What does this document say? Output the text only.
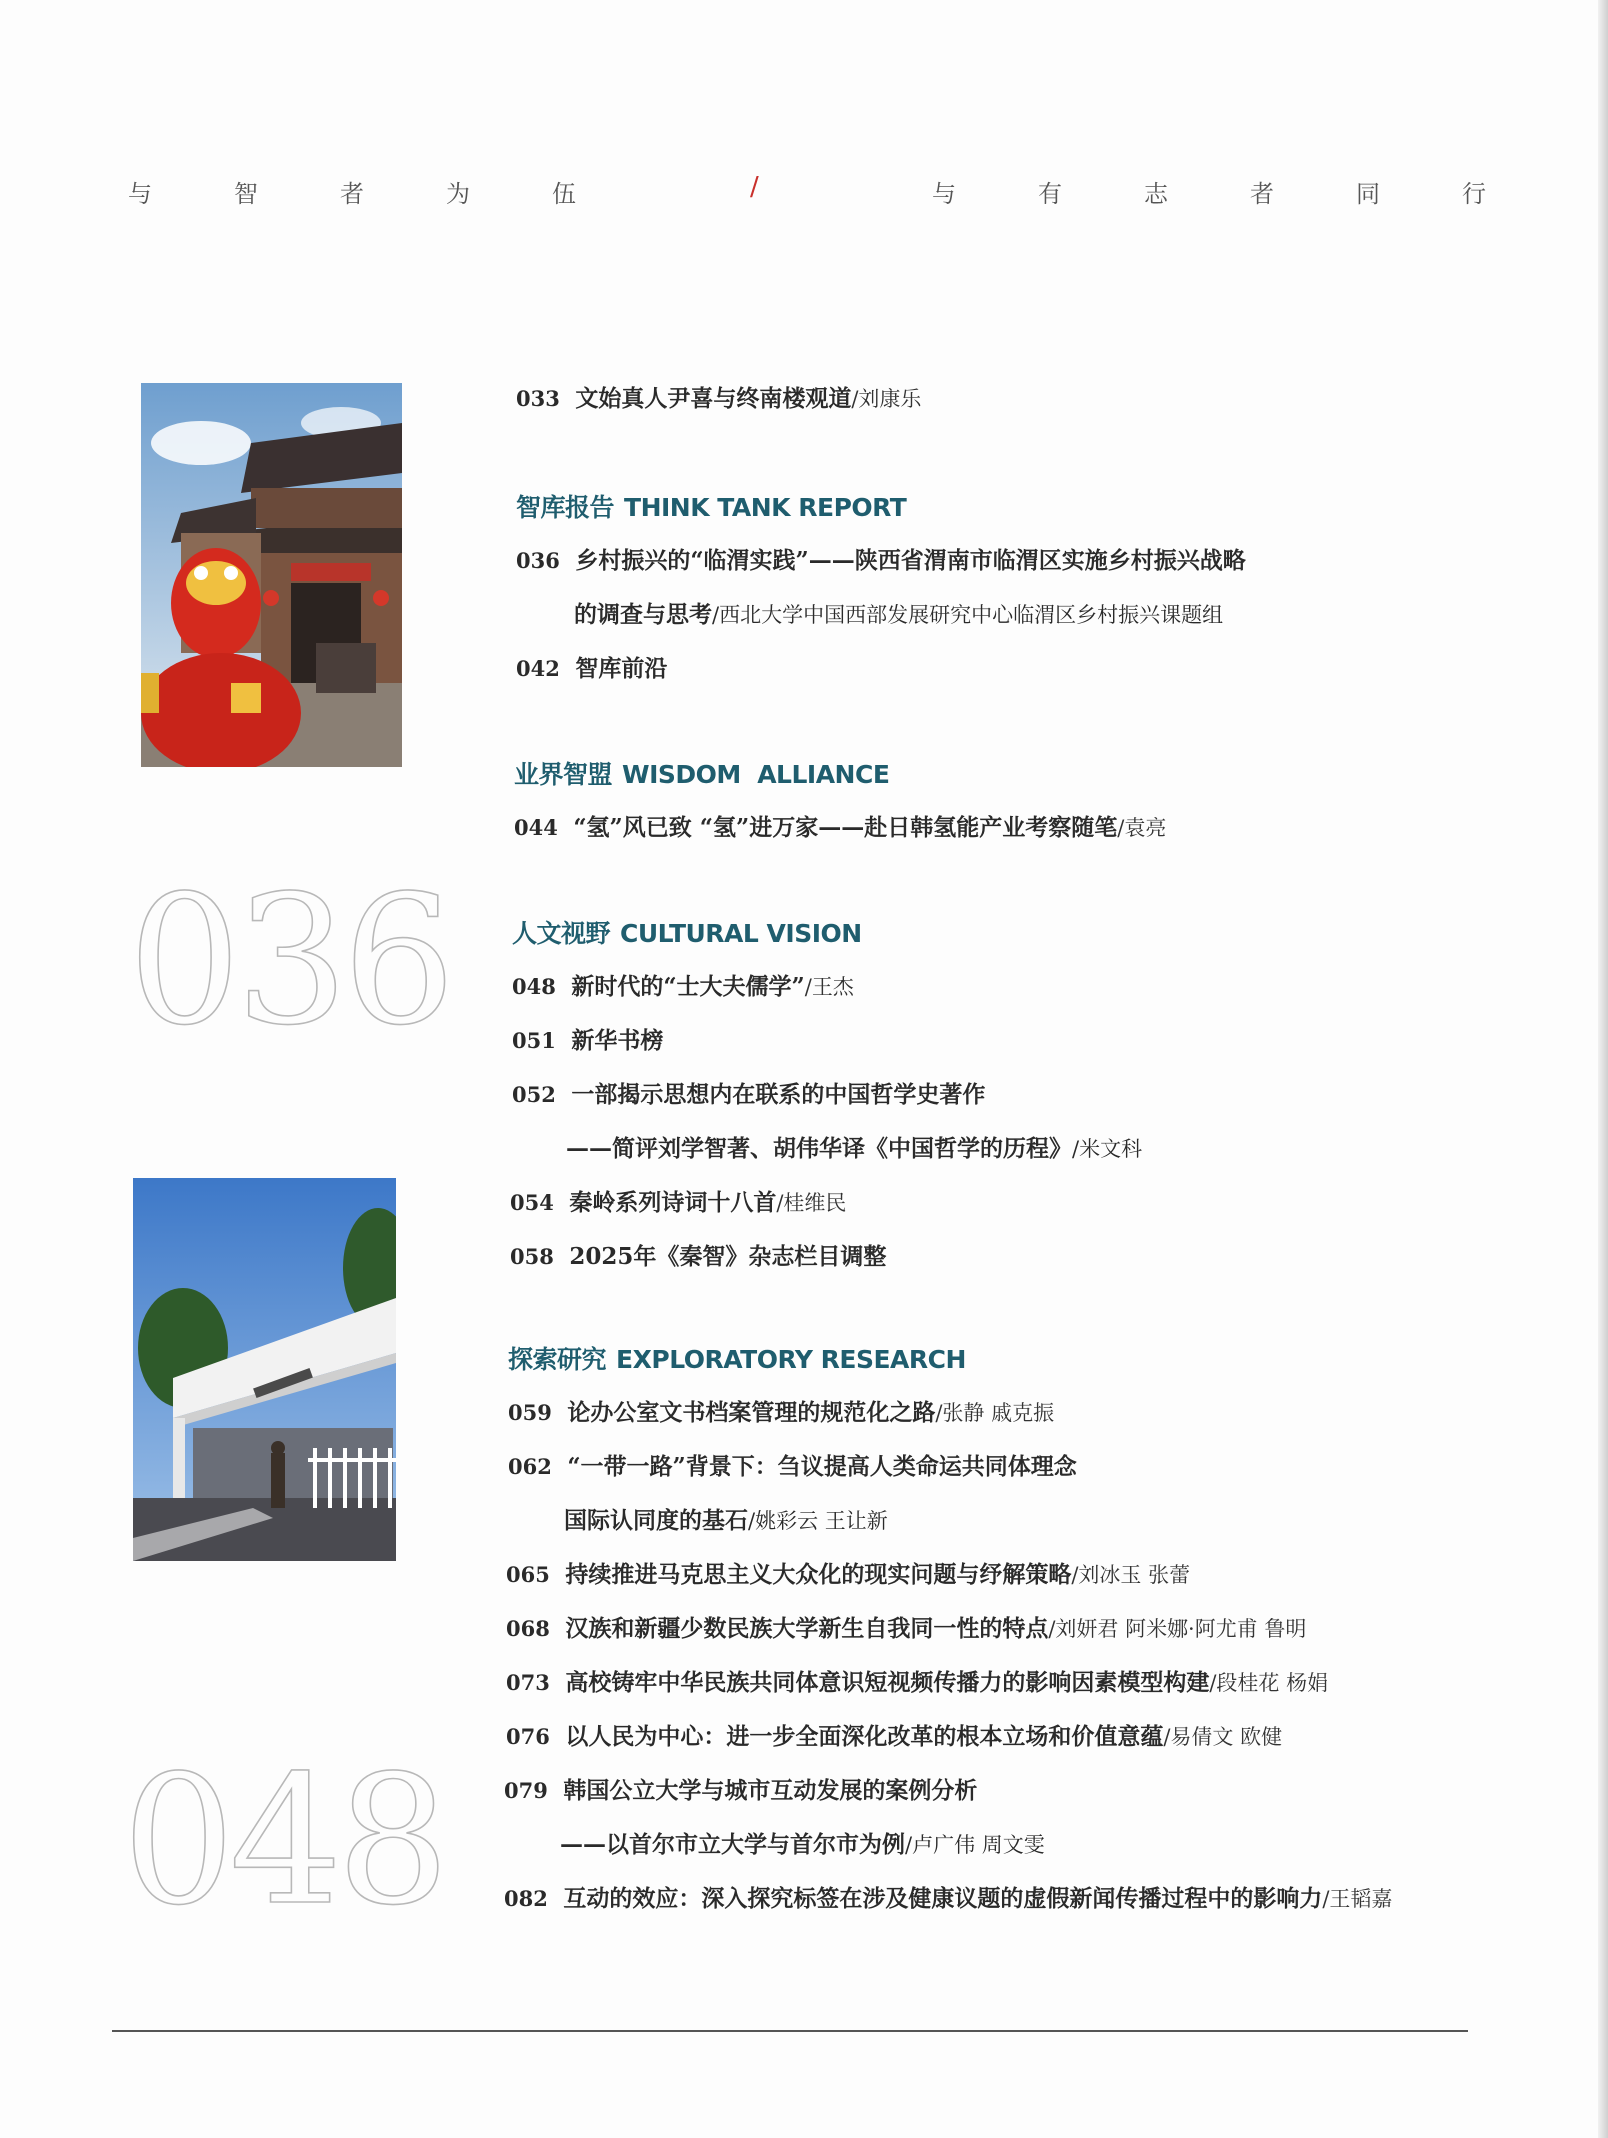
与	智	者	为	伍	/	与	有	志	者	同	行
036
048
033 文始真人尹喜与终南楼观道/刘康乐
智库报告 THINK TANK REPORT
036 乡村振兴的“临渭实践”——陕西省渭南市临渭区实施乡村振兴战略
的调查与思考/西北大学中国西部发展研究中心临渭区乡村振兴课题组
042 智库前沿
业界智盟 WISDOM  ALLIANCE
044 “氢”风已致 “氢”进万家——赴日韩氢能产业考察随笔/袁亮
人文视野 CULTURAL VISION
048 新时代的“士大夫儒学”/王杰
051 新华书榜
052 一部揭示思想内在联系的中国哲学史著作
——简评刘学智著、胡伟华译《中国哲学的历程》/米文科
054 秦岭系列诗词十八首/桂维民
058 2025年《秦智》杂志栏目调整
探索研究 EXPLORATORY RESEARCH
059 论办公室文书档案管理的规范化之路/张静 戚克振
062 “一带一路”背景下：刍议提高人类命运共同体理念
国际认同度的基石/姚彩云 王让新
065 持续推进马克思主义大众化的现实问题与纾解策略/刘冰玉 张蕾
068 汉族和新疆少数民族大学新生自我同一性的特点/刘妍君 阿米娜·阿尤甫 鲁明
073 高校铸牢中华民族共同体意识短视频传播力的影响因素模型构建/段桂花 杨娟
076 以人民为中心：进一步全面深化改革的根本立场和价值意蕴/易倩文 欧健
079 韩国公立大学与城市互动发展的案例分析
——以首尔市立大学与首尔市为例/卢广伟 周文雯
082 互动的效应：深入探究标签在涉及健康议题的虚假新闻传播过程中的影响力/王韬嘉
